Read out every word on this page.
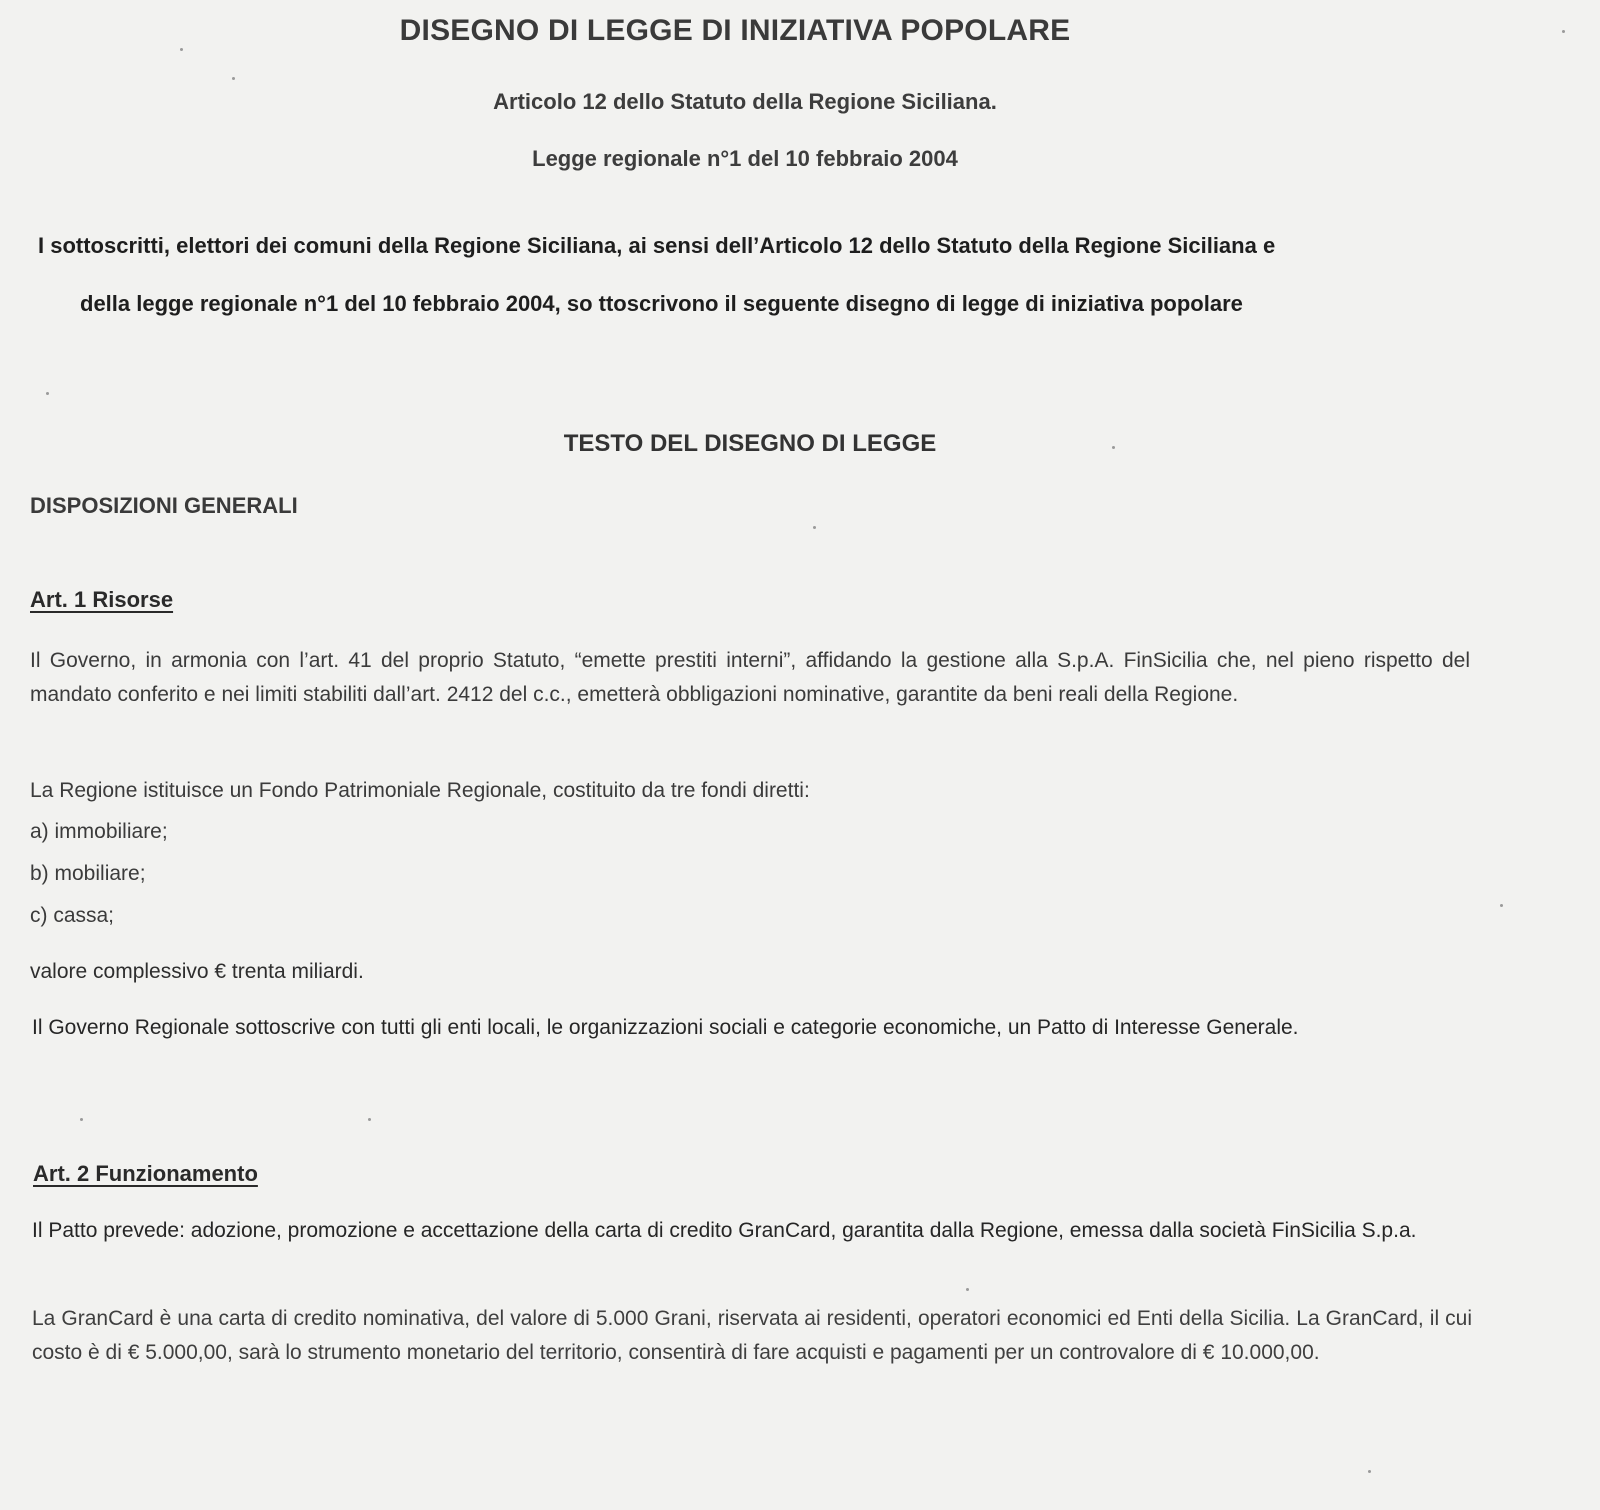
DISEGNO DI LEGGE DI INIZIATIVA POPOLARE
Articolo 12 dello Statuto della Regione Siciliana.
Legge regionale n°1 del 10 febbraio 2004
I sottoscritti, elettori dei comuni della Regione Siciliana, ai sensi dell’Articolo 12 dello Statuto della Regione Siciliana e
della legge regionale n°1 del 10 febbraio 2004, so ttoscrivono il seguente disegno di legge di iniziativa popolare
TESTO DEL DISEGNO DI LEGGE
DISPOSIZIONI GENERALI
Art. 1 Risorse
Il Governo, in armonia con l’art. 41 del proprio Statuto, “emette prestiti interni”, affidando la gestione alla S.p.A. FinSicilia che, nel pieno rispetto del mandato conferito e nei limiti stabiliti dall’art. 2412 del c.c., emetterà obbligazioni nominative, garantite da beni reali della Regione.
La Regione istituisce un Fondo Patrimoniale Regionale, costituito da tre fondi diretti:
a) immobiliare;
b) mobiliare;
c) cassa;
valore complessivo € trenta miliardi.
Il Governo Regionale sottoscrive con tutti gli enti locali, le organizzazioni sociali e categorie economiche, un Patto di Interesse Generale.
Art. 2 Funzionamento
Il Patto prevede: adozione, promozione e accettazione della carta di credito GranCard, garantita dalla Regione, emessa dalla società FinSicilia S.p.a.
La GranCard è una carta di credito nominativa, del valore di 5.000 Grani, riservata ai residenti, operatori economici ed Enti della Sicilia. La GranCard, il cui costo è di € 5.000,00, sarà lo strumento monetario del territorio, consentirà di fare acquisti e pagamenti per un controvalore di € 10.000,00.
